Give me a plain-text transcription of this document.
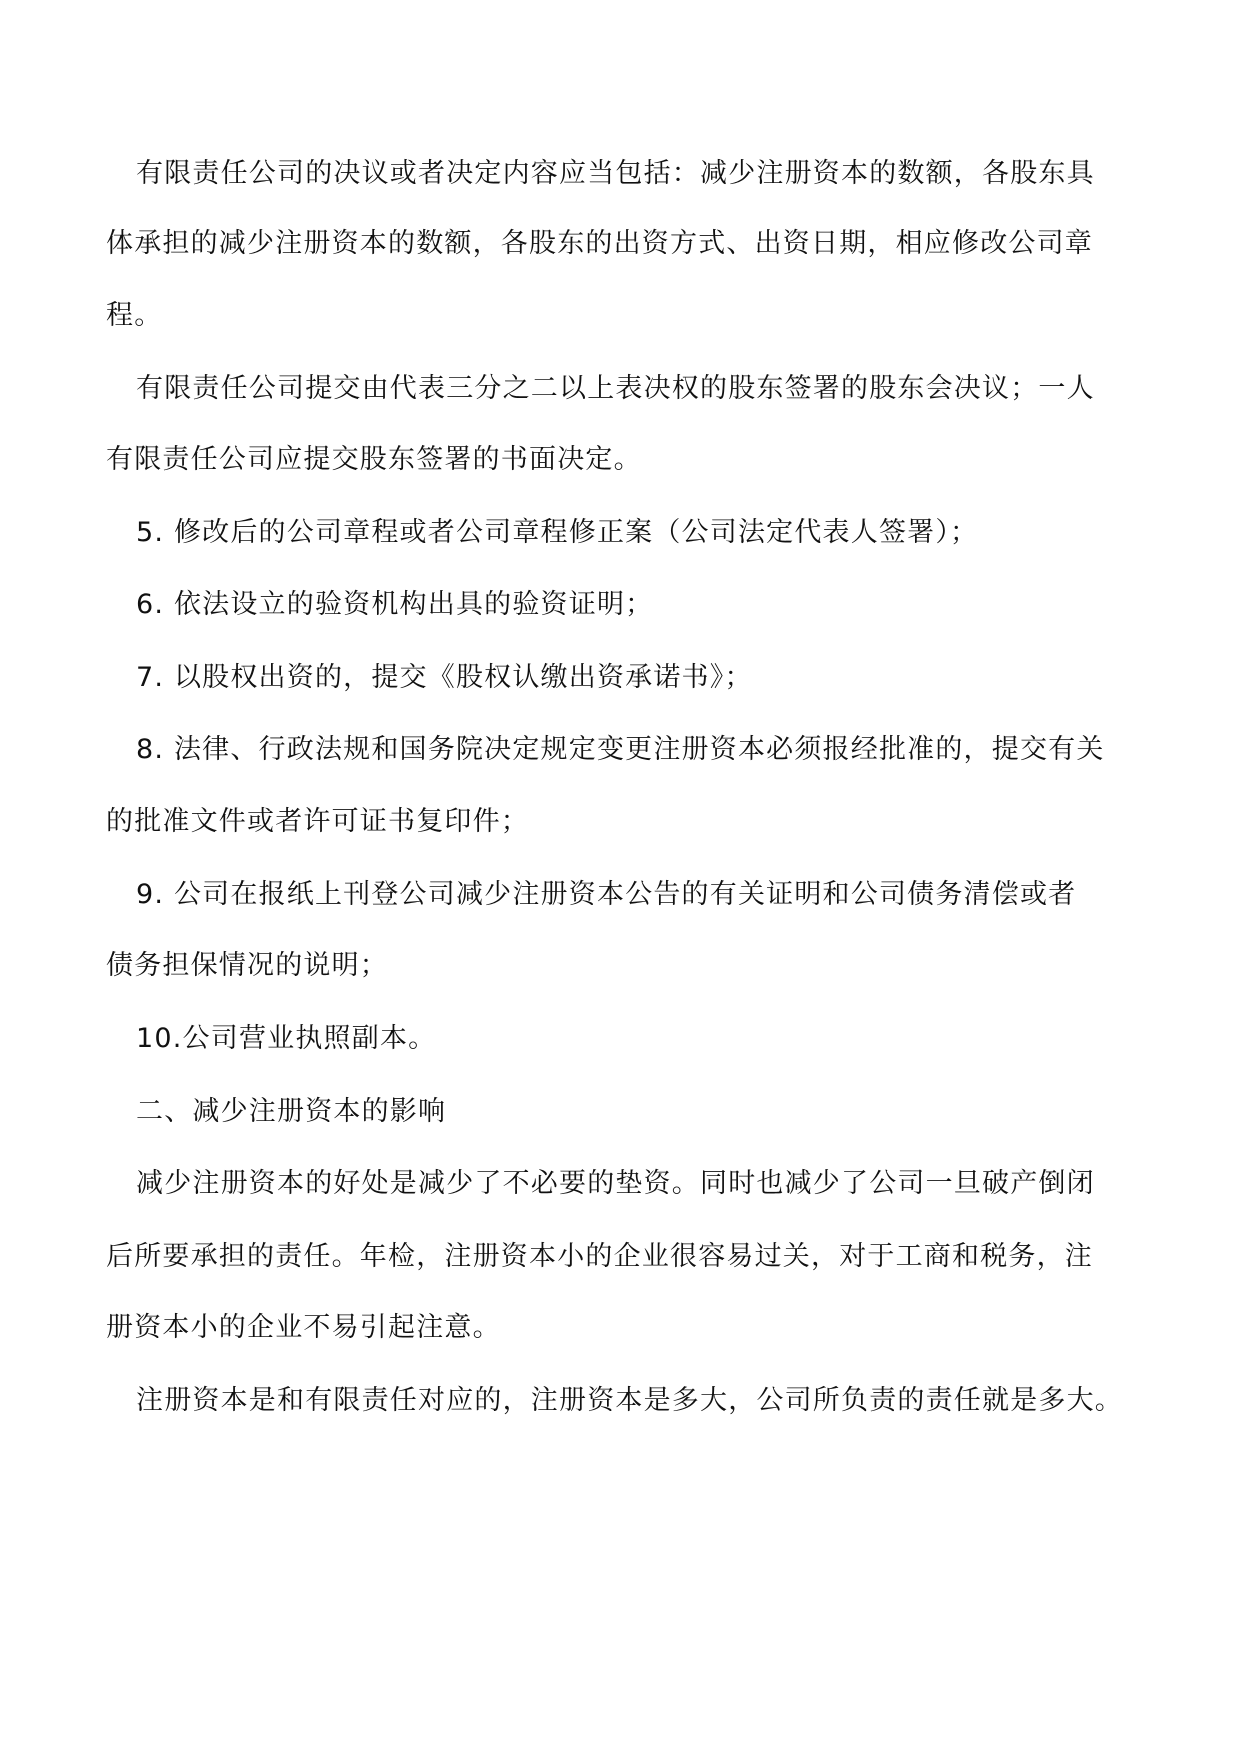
有限责任公司的决议或者决定内容应当包括：减少注册资本的数额，各股东具
体承担的减少注册资本的数额，各股东的出资方式、出资日期，相应修改公司章
程。
有限责任公司提交由代表三分之二以上表决权的股东签署的股东会决议；一人
有限责任公司应提交股东签署的书面决定。
5. 修改后的公司章程或者公司章程修正案（公司法定代表人签署）；
6. 依法设立的验资机构出具的验资证明；
7. 以股权出资的，提交《股权认缴出资承诺书》；
8. 法律、行政法规和国务院决定规定变更注册资本必须报经批准的，提交有关
的批准文件或者许可证书复印件；
9. 公司在报纸上刊登公司减少注册资本公告的有关证明和公司债务清偿或者
债务担保情况的说明；
10.公司营业执照副本。
二、减少注册资本的影响
减少注册资本的好处是减少了不必要的垫资。同时也减少了公司一旦破产倒闭
后所要承担的责任。年检，注册资本小的企业很容易过关，对于工商和税务，注
册资本小的企业不易引起注意。
注册资本是和有限责任对应的，注册资本是多大，公司所负责的责任就是多大。
